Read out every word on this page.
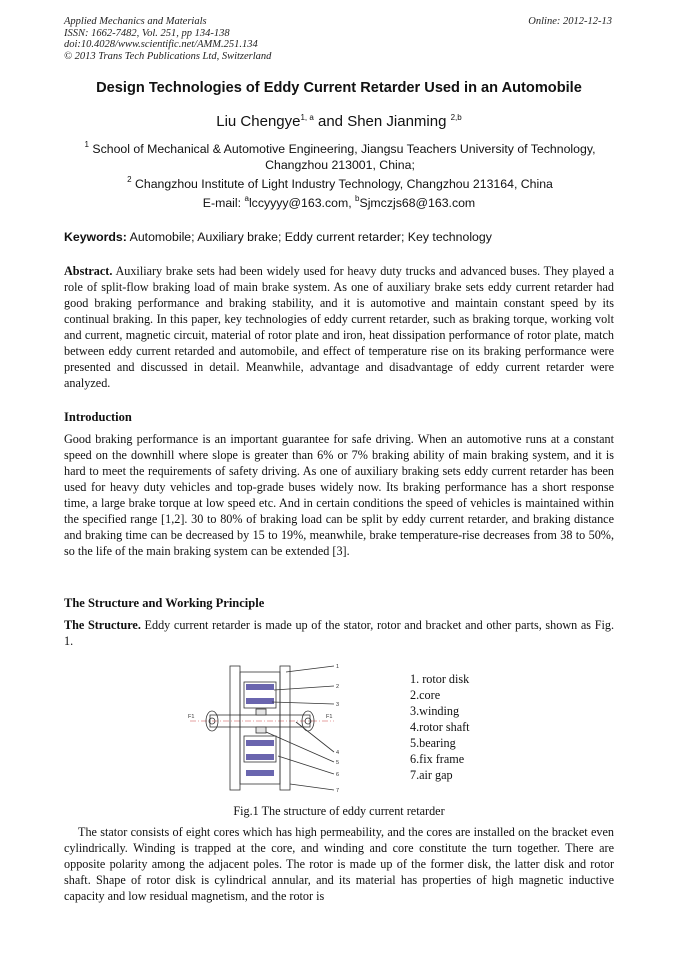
Applied Mechanics and Materials
ISSN: 1662-7482, Vol. 251, pp 134-138
doi:10.4028/www.scientific.net/AMM.251.134
© 2013 Trans Tech Publications Ltd, Switzerland
Online: 2012-12-13
Design Technologies of Eddy Current Retarder Used in an Automobile
Liu Chengye$^{1, a}$ and Shen Jianming $^{2,b}$
$^1$ School of Mechanical & Automotive Engineering, Jiangsu Teachers University of Technology, Changzhou 213001, China;
$^2$ Changzhou Institute of Light Industry Technology, Changzhou 213164, China
E-mail: $^a$lccyyyy@163.com, $^b$Sjmczjs68@163.com
Keywords: Automobile; Auxiliary brake; Eddy current retarder; Key technology
Abstract. Auxiliary brake sets had been widely used for heavy duty trucks and advanced buses. They played a role of split-flow braking load of main brake system. As one of auxiliary brake sets eddy current retarder had good braking performance and braking stability, and it is automotive and maintain constant speed by its continual braking. In this paper, key technologies of eddy current retarder, such as braking torque, working volt and current, magnetic circuit, material of rotor plate and iron, heat dissipation performance of rotor plate, match between eddy current retarded and automobile, and effect of temperature rise on its braking performance were presented and discussed in detail. Meanwhile, advantage and disadvantage of eddy current retarder were analyzed.
Introduction
Good braking performance is an important guarantee for safe driving. When an automotive runs at a constant speed on the downhill where slope is greater than 6% or 7% braking ability of main braking system, and it is hard to meet the requirements of safety driving. As one of auxiliary braking sets eddy current retarder has been used for heavy duty vehicles and top-grade buses widely now. Its braking performance has a short response time, a large brake torque at low speed etc. And in certain conditions the speed of vehicles is maintained within the specified range [1,2]. 30 to 80% of braking load can be split by eddy current retarder, and braking distance and braking time can be decreased by 15 to 19%, meanwhile, brake temperature-rise decreases from 38 to 50%, so the life of the main braking system can be extended [3].
The Structure and Working Principle
The Structure. Eddy current retarder is made up of the stator, rotor and bracket and other parts, shown as Fig. 1.
1
2
3
4
5
6
7
F1	F1
1. rotor disk
2.core
3.winding
4.rotor shaft
5.bearing
6.fix frame
7.air gap
Fig.1 The structure of eddy current retarder
The stator consists of eight cores which has high permeability, and the cores are installed on the bracket even cylindrically. Winding is trapped at the core, and winding and core constitute the turn together. There are opposite polarity among the adjacent poles. The rotor is made up of the former disk, the latter disk and rotor shaft. Shape of rotor disk is cylindrical annular, and its material has properties of high magnetic inductive capacity and low residual magnetism, and the rotor is
